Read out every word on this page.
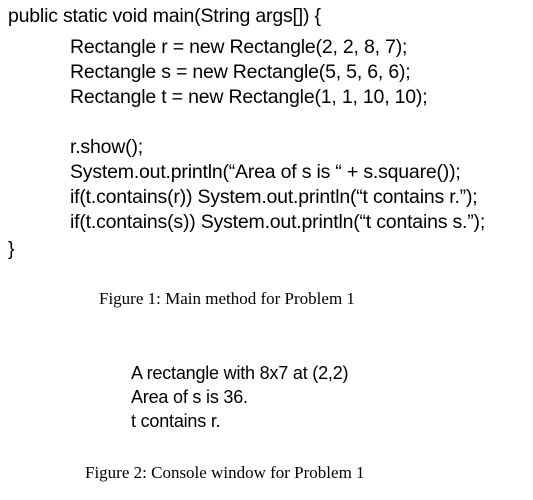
public static void main(String args[]) {
Rectangle r = new Rectangle(2, 2, 8, 7);
Rectangle s = new Rectangle(5, 5, 6, 6);
Rectangle t = new Rectangle(1, 1, 10, 10);
r.show();
System.out.println(“Area of s is “ + s.square());
if(t.contains(r)) System.out.println(“t contains r.”);
if(t.contains(s)) System.out.println(“t contains s.”);
}
Figure 1: Main method for Problem 1
A rectangle with 8x7 at (2,2)
Area of s is 36.
t contains r.
Figure 2: Console window for Problem 1
